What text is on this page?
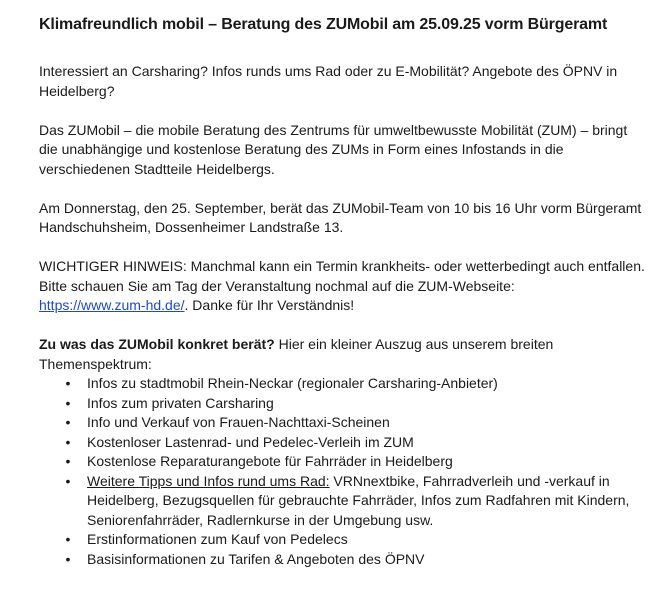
Klimafreundlich mobil – Beratung des ZUMobil am 25.09.25 vorm Bürgeramt

Interessiert an Carsharing? Infos runds ums Rad oder zu E-Mobilität? Angebote des ÖPNV in Heidelberg?

Das ZUMobil – die mobile Beratung des Zentrums für umweltbewusste Mobilität (ZUM) – bringt die unabhängige und kostenlose Beratung des ZUMs in Form eines Infostands in die verschiedenen Stadtteile Heidelbergs.

Am Donnerstag, den 25. September, berät das ZUMobil-Team von 10 bis 16 Uhr vorm Bürgeramt Handschuhsheim, Dossenheimer Landstraße 13.

WICHTIGER HINWEIS: Manchmal kann ein Termin krankheits- oder wetterbedingt auch entfallen. Bitte schauen Sie am Tag der Veranstaltung nochmal auf die ZUM-Webseite:
https://www.zum-hd.de/. Danke für Ihr Verständnis!

Zu was das ZUMobil konkret berät? Hier ein kleiner Auszug aus unserem breiten Themenspektrum:

• Infos zu stadtmobil Rhein-Neckar (regionaler Carsharing-Anbieter)
• Infos zum privaten Carsharing
• Info und Verkauf von Frauen-Nachttaxi-Scheinen
• Kostenloser Lastenrad- und Pedelec-Verleih im ZUM
• Kostenlose Reparaturangebote für Fahrräder in Heidelberg
• Weitere Tipps und Infos rund ums Rad: VRNnextbike, Fahrradverleih und -verkauf in Heidelberg, Bezugsquellen für gebrauchte Fahrräder, Infos zum Radfahren mit Kindern, Seniorenfahrräder, Radlernkurse in der Umgebung usw.
• Erstinformationen zum Kauf von Pedelecs
• Basisinformationen zu Tarifen & Angeboten des ÖPNV
